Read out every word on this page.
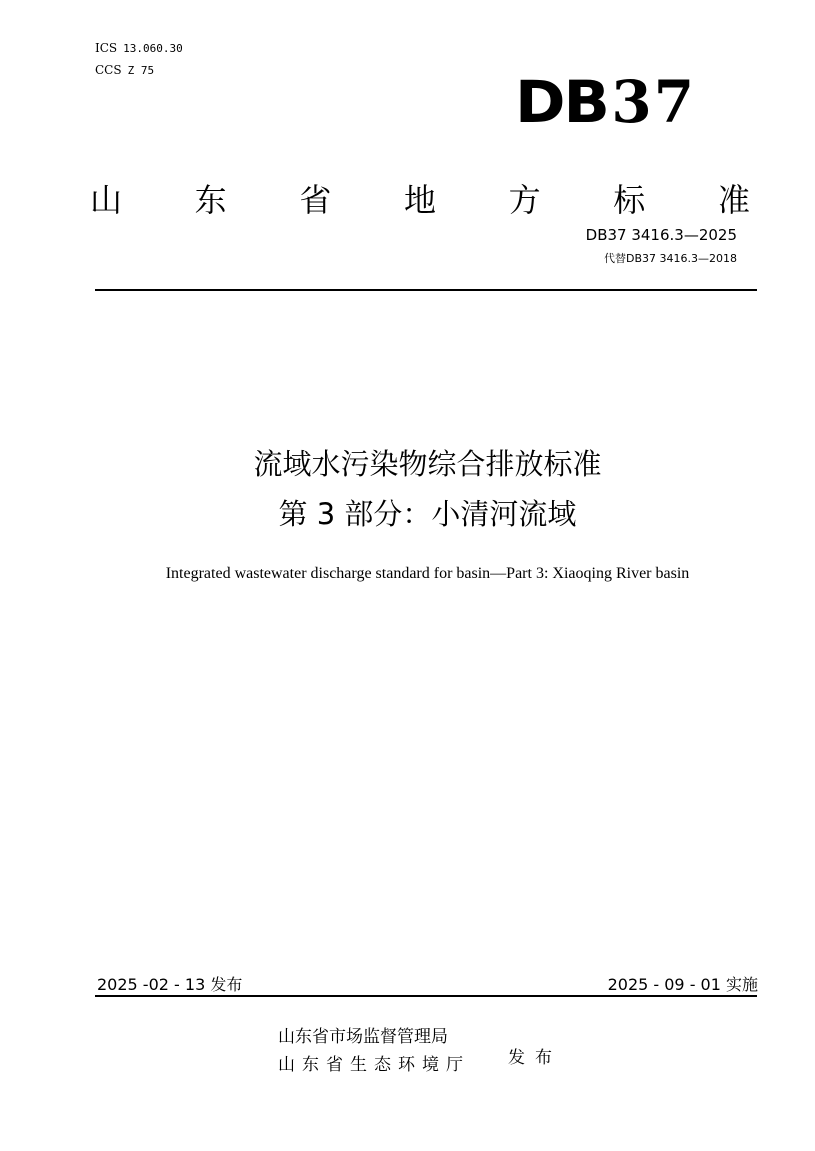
ICS 13.060.30
CCS Z 75	DB 37
山 东 省 地 方 标 准
DB37 3416.3—2025
代替DB37 3416.3—2018
流域水污染物综合排放标准
第 3 部分：小清河流域
Integrated wastewater discharge standard for basin—Part 3: Xiaoqing River basin
2025 -02 - 13 发布	2025 - 09 - 01 实施
山东省市场监督管理局
山东省生态环境厅 发布
